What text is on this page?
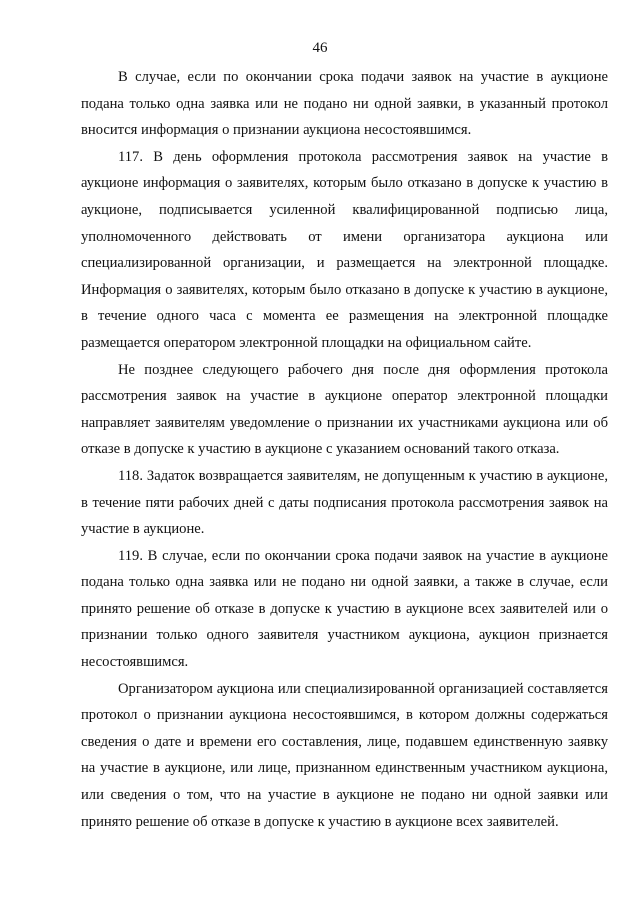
46

В случае, если по окончании срока подачи заявок на участие в аукционе подана только одна заявка или не подано ни одной заявки, в указанный протокол вносится информация о признании аукциона несостоявшимся.

117. В день оформления протокола рассмотрения заявок на участие в аукционе информация о заявителях, которым было отказано в допуске к участию в аукционе, подписывается усиленной квалифицированной подписью лица, уполномоченного действовать от имени организатора аукциона или специализированной организации, и размещается на электронной площадке. Информация о заявителях, которым было отказано в допуске к участию в аукционе, в течение одного часа с момента ее размещения на электронной площадке размещается оператором электронной площадки на официальном сайте.

Не позднее следующего рабочего дня после дня оформления протокола рассмотрения заявок на участие в аукционе оператор электронной площадки направляет заявителям уведомление о признании их участниками аукциона или об отказе в допуске к участию в аукционе с указанием оснований такого отказа.

118. Задаток возвращается заявителям, не допущенным к участию в аукционе, в течение пяти рабочих дней с даты подписания протокола рассмотрения заявок на участие в аукционе.

119. В случае, если по окончании срока подачи заявок на участие в аукционе подана только одна заявка или не подано ни одной заявки, а также в случае, если принято решение об отказе в допуске к участию в аукционе всех заявителей или о признании только одного заявителя участником аукциона, аукцион признается несостоявшимся.

Организатором аукциона или специализированной организацией составляется протокол о признании аукциона несостоявшимся, в котором должны содержаться сведения о дате и времени его составления, лице, подавшем единственную заявку на участие в аукционе, или лице, признанном единственным участником аукциона, или сведения о том, что на участие в аукционе не подано ни одной заявки или принято решение об отказе в допуске к участию в аукционе всех заявителей.
